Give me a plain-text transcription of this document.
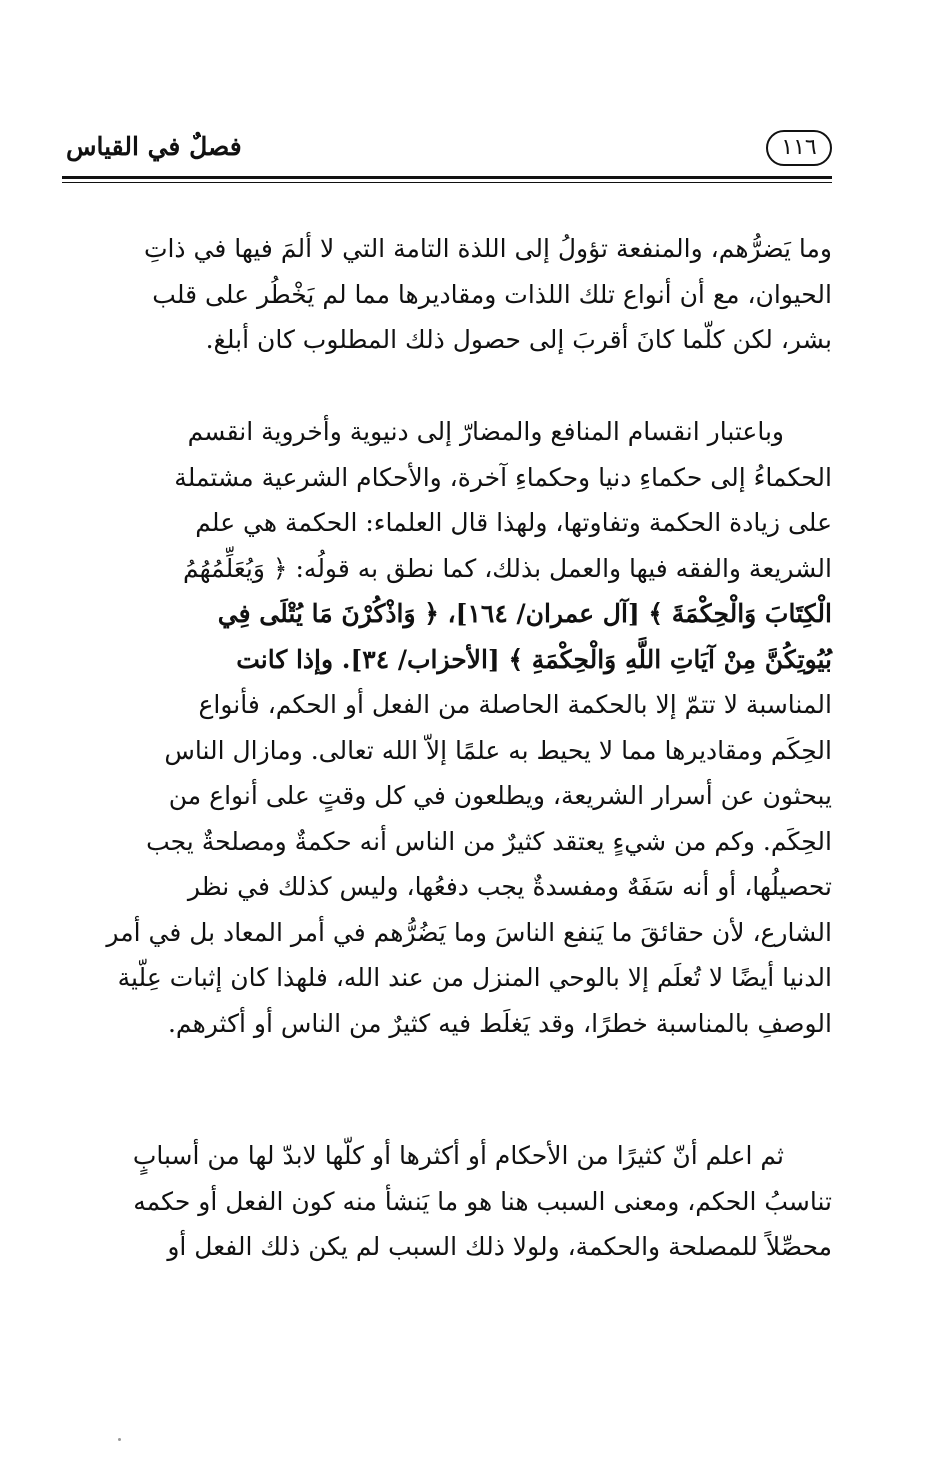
فصلٌ في القياس	١١٦

وما يَضرُّهم، والمنفعة تؤولُ إلى اللذة التامة التي لا ألمَ فيها في ذاتِ
الحيوان، مع أن أنواع تلك اللذات ومقاديرها مما لم يَخْطُر على قلب
بشر، لكن كلّما كانَ أقربَ إلى حصول ذلك المطلوب كان أبلغ.

وباعتبار انقسام المنافع والمضارّ إلى دنيوية وأخروية انقسم
الحكماءُ إلى حكماءِ دنيا وحكماءِ آخرة، والأحكام الشرعية مشتملة
على زيادة الحكمة وتفاوتها، ولهذا قال العلماء: الحكمة هي علم
الشريعة والفقه فيها والعمل بذلك، كما نطق به قولُه: ﴿ وَيُعَلِّمُهُمُ
الْكِتَابَ وَالْحِكْمَةَ ﴾ [آل عمران/ ١٦٤]، ﴿ وَاذْكُرْنَ مَا يُتْلَى فِي
بُيُوتِكُنَّ مِنْ آيَاتِ اللَّهِ وَالْحِكْمَةِ ﴾ [الأحزاب/ ٣٤]. وإذا كانت
المناسبة لا تتمّ إلا بالحكمة الحاصلة من الفعل أو الحكم، فأنواع
الحِكَم ومقاديرها مما لا يحيط به علمًا إلاّ الله تعالى. ومازال الناس
يبحثون عن أسرار الشريعة، ويطلعون في كل وقتٍ على أنواع من
الحِكَم. وكم من شيءٍ يعتقد كثيرٌ من الناس أنه حكمةٌ ومصلحةٌ يجب
تحصيلُها، أو أنه سَفَهٌ ومفسدةٌ يجب دفعُها، وليس كذلك في نظر
الشارع، لأن حقائقَ ما يَنفع الناسَ وما يَضُرُّهم في أمر المعاد بل في أمر
الدنيا أيضًا لا تُعلَم إلا بالوحي المنزل من عند الله، فلهذا كان إثبات عِلّية
الوصفِ بالمناسبة خطرًا، وقد يَغلَط فيه كثيرٌ من الناس أو أكثرهم.

ثم اعلم أنّ كثيرًا من الأحكام أو أكثرها أو كلّها لابدّ لها من أسبابٍ
تناسبُ الحكم، ومعنى السبب هنا هو ما يَنشأ منه كون الفعل أو حكمه
محصِّلاً للمصلحة والحكمة، ولولا ذلك السبب لم يكن ذلك الفعل أو
